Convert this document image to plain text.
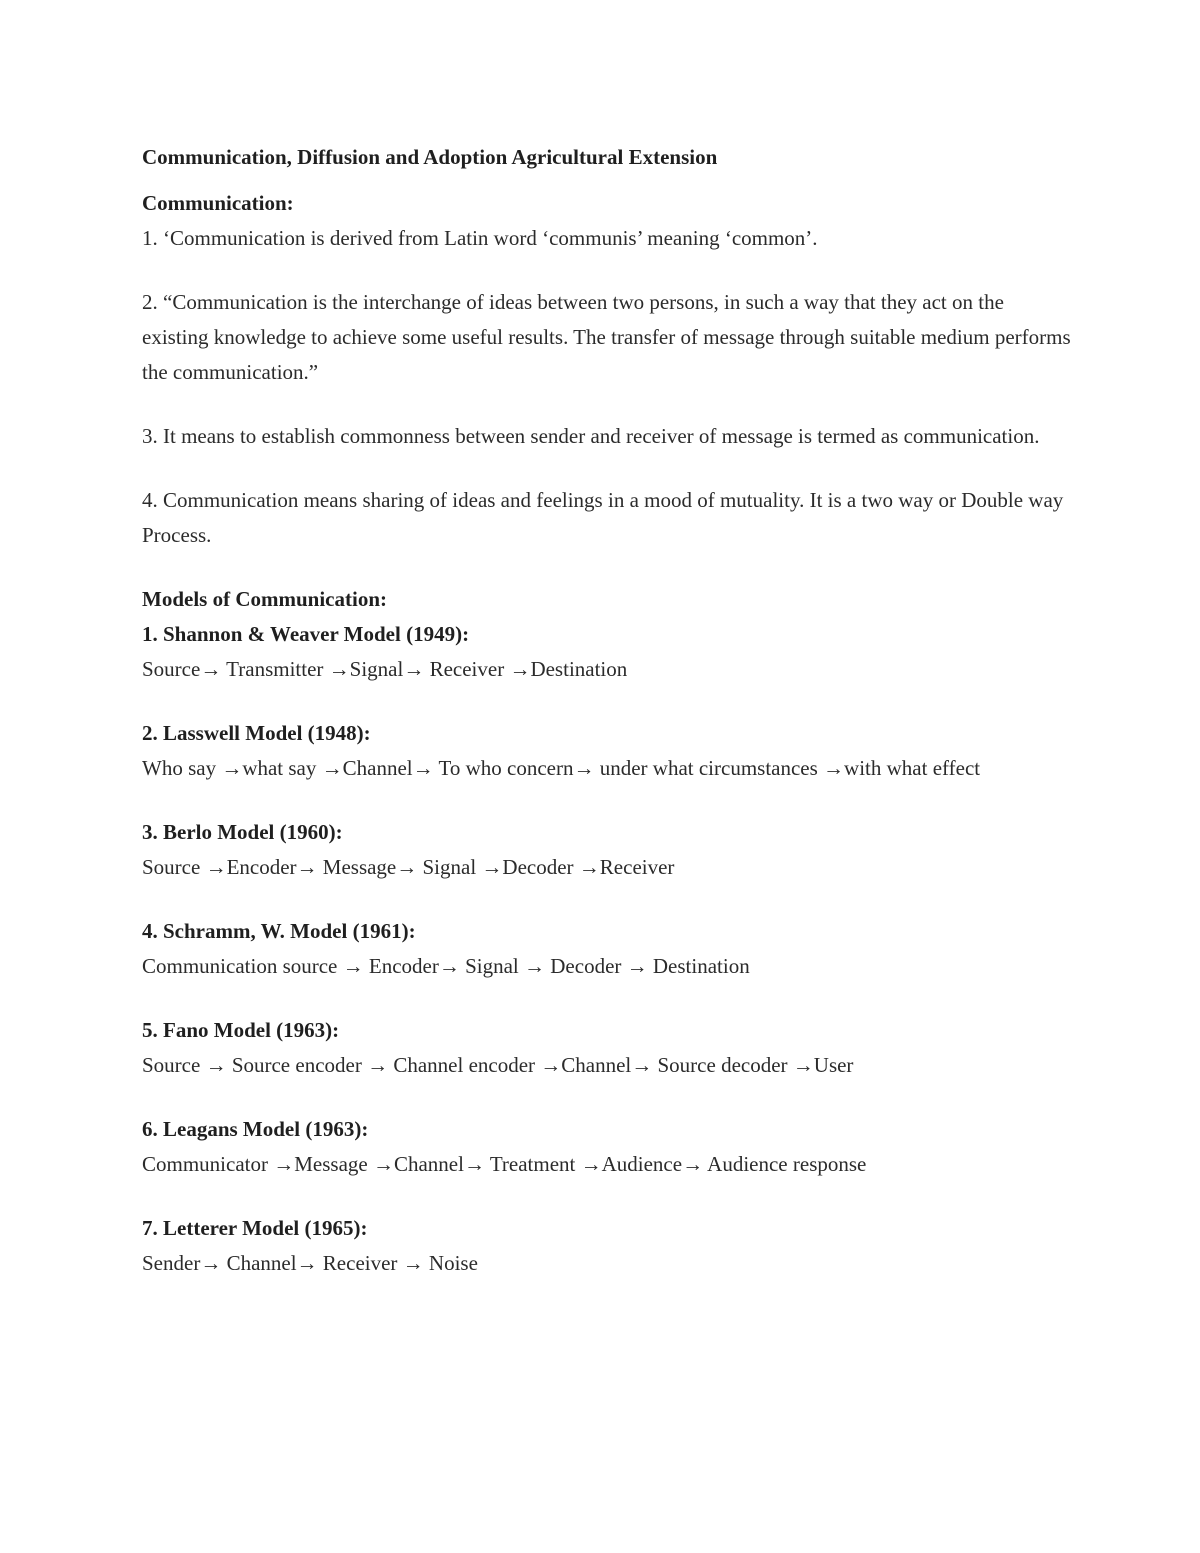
Communication, Diffusion and Adoption Agricultural Extension
Communication:
1. ‘Communication is derived from Latin word ‘communis’ meaning ‘common’.
2. “Communication is the interchange of ideas between two persons, in such a way that they act on the existing knowledge to achieve some useful results. The transfer of message through suitable medium performs the communication.”
3. It means to establish commonness between sender and receiver of message is termed as communication.
4. Communication means sharing of ideas and feelings in a mood of mutuality. It is a two way or Double way Process.
Models of Communication:
1. Shannon & Weaver Model (1949):
Source→ Transmitter →Signal→ Receiver →Destination
2. Lasswell Model (1948):
Who say →what say →Channel→ To who concern→ under what circumstances →with what effect
3. Berlo Model (1960):
Source →Encoder→ Message→ Signal →Decoder →Receiver
4. Schramm, W. Model (1961):
Communication source → Encoder→ Signal → Decoder → Destination
5. Fano Model (1963):
Source → Source encoder → Channel encoder →Channel→ Source decoder →User
6. Leagans Model (1963):
Communicator →Message →Channel→ Treatment →Audience→ Audience response
7. Letterer Model (1965):
Sender→ Channel→ Receiver → Noise
